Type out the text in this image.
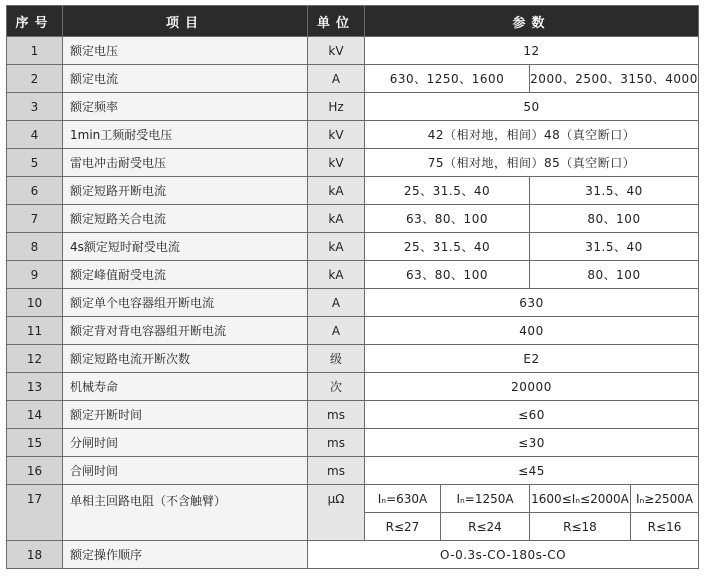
序号	项目	单位	参数			
1	额定电压	kV	12			
2	额定电流	A	630、1250、1600		2000、2500、3150、4000	
3	额定频率	Hz	50			
4	1min工频耐受电压	kV	42（相对地，相间）48（真空断口）			
5	雷电冲击耐受电压	kV	75（相对地，相间）85（真空断口）			
6	额定短路开断电流	kA	25、31.5、40		31.5、40	
7	额定短路关合电流	kA	63、80、100		80、100	
8	4s额定短时耐受电流	kA	25、31.5、40		31.5、40	
9	额定峰值耐受电流	kA	63、80、100		80、100	
10	额定单个电容器组开断电流	A	630			
11	额定背对背电容器组开断电流	A	400			
12	额定短路电流开断次数	级	E2			
13	机械寿命	次	20000			
14	额定开断时间	ms	≤60			
15	分闸时间	ms	≤30			
16	合闸时间	ms	≤45			
17	单相主回路电阻（不含触臂）	μΩ	Iₙ=630A	Iₙ=1250A	1600≤Iₙ≤2000A	Iₙ≥2500A
			R≤27	R≤24	R≤18	R≤16
18	额定操作顺序	O-0.3s-CO-180s-CO				
